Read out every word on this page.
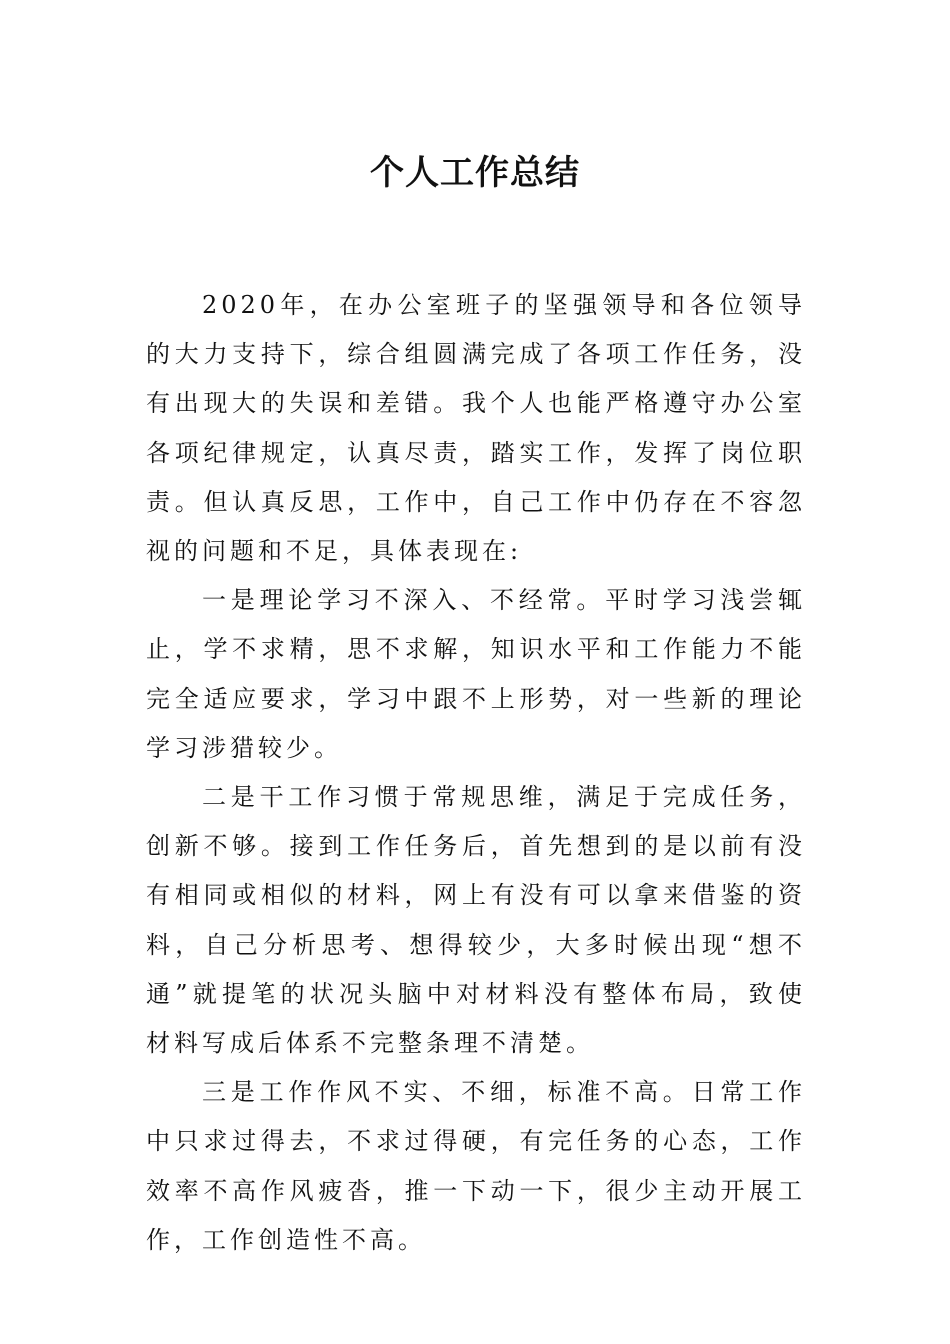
个人工作总结

2020年，在办公室班子的坚强领导和各位领导的大力支持下，综合组圆满完成了各项工作任务，没有出现大的失误和差错。我个人也能严格遵守办公室各项纪律规定，认真尽责，踏实工作，发挥了岗位职责。但认真反思，工作中，自己工作中仍存在不容忽视的问题和不足，具体表现在:

一是理论学习不深入、不经常。平时学习浅尝辄止，学不求精，思不求解，知识水平和工作能力不能完全适应要求，学习中跟不上形势，对一些新的理论学习涉猎较少。

二是干工作习惯于常规思维，满足于完成任务，创新不够。接到工作任务后，首先想到的是以前有没有相同或相似的材料，网上有没有可以拿来借鉴的资料，自己分析思考、想得较少，大多时候出现“想不通”就提笔的状况头脑中对材料没有整体布局，致使材料写成后体系不完整条理不清楚。

三是工作作风不实、不细，标准不高。日常工作中只求过得去，不求过得硬，有完任务的心态，工作效率不高作风疲沓，推一下动一下，很少主动开展工作，工作创造性不高。
